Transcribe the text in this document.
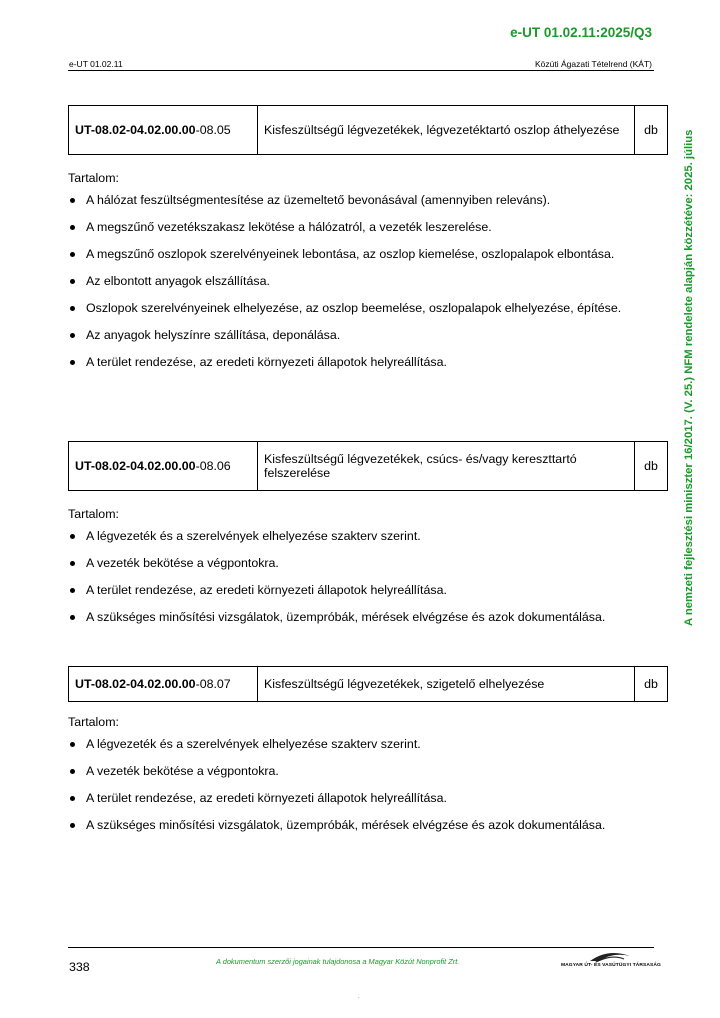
e-UT 01.02.11:2025/Q3
e-UT 01.02.11	Közúti Ágazati Tételrend (KÁT)
UT-08.02-04.02.00.00-08.05	Kisfeszültségű légvezetékek, légvezetéktartó oszlop áthelyezése	db

Tartalom:

A hálózat feszültségmentesítése az üzemeltető bevonásával (amennyiben releváns).
A megszűnő vezetékszakasz lekötése a hálózatról, a vezeték leszerelése.
A megszűnő oszlopok szerelvényeinek lebontása, az oszlop kiemelése, oszlopalapok elbontása.
Az elbontott anyagok elszállítása.
Oszlopok szerelvényeinek elhelyezése, az oszlop beemelése, oszlopalapok elhelyezése, építése.
Az anyagok helyszínre szállítása, deponálása.
A terület rendezése, az eredeti környezeti állapotok helyreállítása.
UT-08.02-04.02.00.00-08.06	Kisfeszültségű légvezetékek, csúcs- és/vagy kereszttartó felszerelése	db

Tartalom:

A légvezeték és a szerelvények elhelyezése szakterv szerint.
A vezeték bekötése a végpontokra.
A terület rendezése, az eredeti környezeti állapotok helyreállítása.
A szükséges minősítési vizsgálatok, üzempróbák, mérések elvégzése és azok dokumentálása.
UT-08.02-04.02.00.00-08.07	Kisfeszültségű légvezetékek, szigetelő elhelyezése	db

Tartalom:

A légvezeték és a szerelvények elhelyezése szakterv szerint.
A vezeték bekötése a végpontokra.
A terület rendezése, az eredeti környezeti állapotok helyreállítása.
A szükséges minősítési vizsgálatok, üzempróbák, mérések elvégzése és azok dokumentálása.
A nemzeti fejlesztési miniszter 16/2017. (V. 25.) NFM rendelete alapján közzétéve: 2025. július
338	A dokumentum szerzői jogainak tulajdonosa a Magyar Közút Nonprofit Zrt.	MAGYAR ÚT- ÉS VASÚTÜGYI TÁRSASÁG
.
